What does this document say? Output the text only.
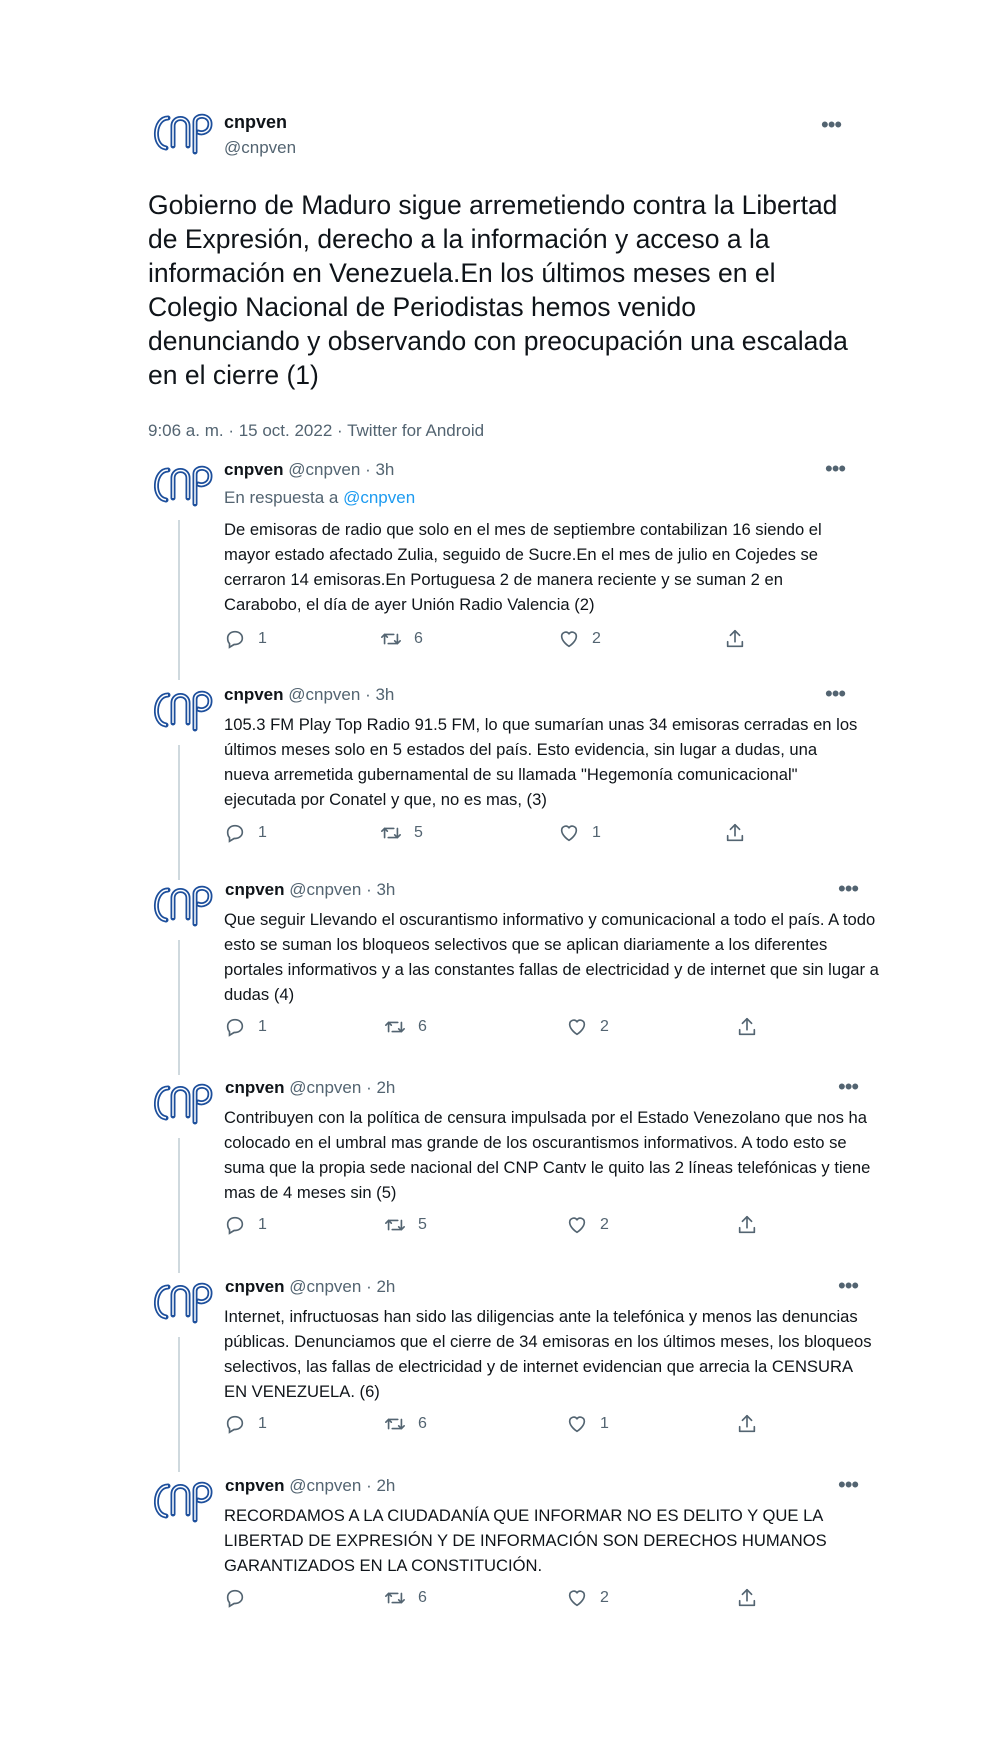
cnpven
@cnpven
•••
Gobierno de Maduro sigue arremetiendo contra la Libertad de Expresión, derecho a la información y acceso a la información en Venezuela.En los últimos meses en el Colegio Nacional de Periodistas hemos venido denunciando y observando con preocupación una escalada en el cierre (1)
9:06 a. m. · 15 oct. 2022 · Twitter for Android
cnpven @cnpven · 3h	•••
En respuesta a @cnpven
De emisoras de radio que solo en el mes de septiembre contabilizan 16 siendo el mayor estado afectado Zulia, seguido de Sucre.En el mes de julio en Cojedes se cerraron 14 emisoras.En Portuguesa 2 de manera reciente y se suman 2 en Carabobo, el día de ayer Unión Radio Valencia (2)
1	6	2
cnpven @cnpven · 3h	•••
105.3 FM Play Top Radio 91.5 FM, lo que sumarían unas 34 emisoras cerradas en los últimos meses solo en 5 estados del país. Esto evidencia, sin lugar a dudas, una nueva arremetida gubernamental de su llamada "Hegemonía comunicacional" ejecutada por Conatel y que, no es mas, (3)
1	5	1
cnpven @cnpven · 3h	•••
Que seguir Llevando el oscurantismo informativo y comunicacional a todo el país. A todo esto se suman los bloqueos selectivos que se aplican diariamente a los diferentes portales informativos y a las constantes fallas de electricidad y de internet que sin lugar a dudas (4)
1	6	2
cnpven @cnpven · 2h	•••
Contribuyen con la política de censura impulsada por el Estado Venezolano que nos ha colocado en el umbral mas grande de los oscurantismos informativos. A todo esto se suma que la propia sede nacional del CNP Cantv le quito las 2 líneas telefónicas y tiene mas de 4 meses sin (5)
1	5	2
cnpven @cnpven · 2h	•••
Internet, infructuosas han sido las diligencias ante la telefónica y menos las denuncias públicas. Denunciamos que el cierre de 34 emisoras en los últimos meses, los bloqueos selectivos, las fallas de electricidad y de internet evidencian que arrecia la CENSURA EN VENEZUELA. (6)
1	6	1
cnpven @cnpven · 2h	•••
RECORDAMOS A LA CIUDADANÍA QUE INFORMAR NO ES DELITO Y QUE LA LIBERTAD DE EXPRESIÓN Y DE INFORMACIÓN SON DERECHOS HUMANOS GARANTIZADOS EN LA CONSTITUCIÓN.
6	2
